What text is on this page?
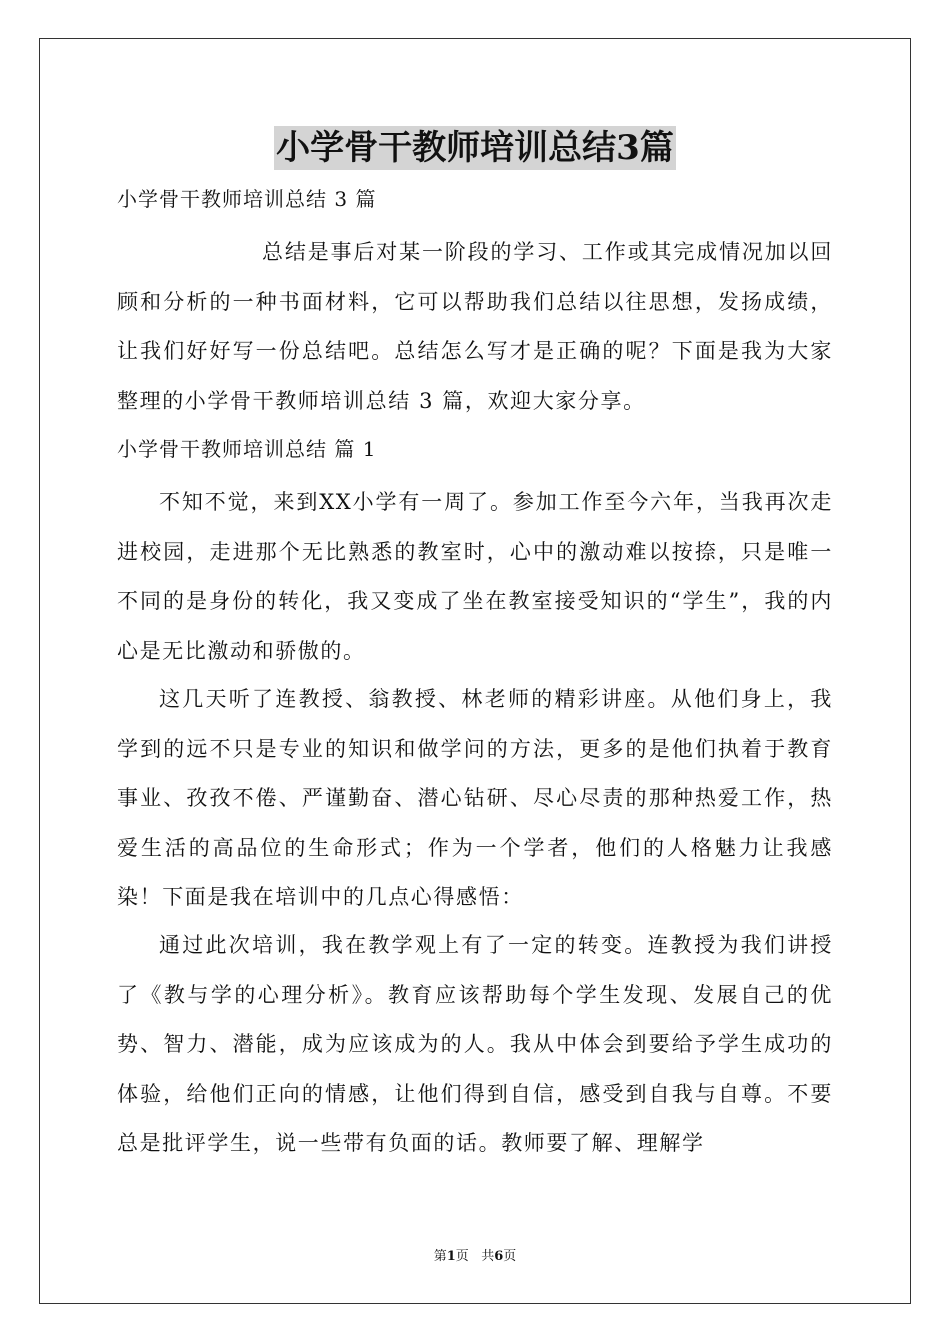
小学骨干教师培训总结3篇

小学骨干教师培训总结 3 篇

总结是事后对某一阶段的学习、工作或其完成情况加以回顾和分析的一种书面材料，它可以帮助我们总结以往思想，发扬成绩，让我们好好写一份总结吧。总结怎么写才是正确的呢？下面是我为大家整理的小学骨干教师培训总结 3 篇，欢迎大家分享。

小学骨干教师培训总结 篇 1

不知不觉，来到XX小学有一周了。参加工作至今六年，当我再次走进校园，走进那个无比熟悉的教室时，心中的激动难以按捺，只是唯一不同的是身份的转化，我又变成了坐在教室接受知识的“学生”，我的内心是无比激动和骄傲的。

这几天听了连教授、翁教授、林老师的精彩讲座。从他们身上，我学到的远不只是专业的知识和做学问的方法，更多的是他们执着于教育事业、孜孜不倦、严谨勤奋、潜心钻研、尽心尽责的那种热爱工作，热爱生活的高品位的生命形式；作为一个学者，他们的人格魅力让我感染！下面是我在培训中的几点心得感悟：

通过此次培训，我在教学观上有了一定的转变。连教授为我们讲授了《教与学的心理分析》。教育应该帮助每个学生发现、发展自己的优势、智力、潜能，成为应该成为的人。我从中体会到要给予学生成功的体验，给他们正向的情感，让他们得到自信，感受到自我与自尊。不要总是批评学生，说一些带有负面的话。教师要了解、理解学

第1页 共6页
